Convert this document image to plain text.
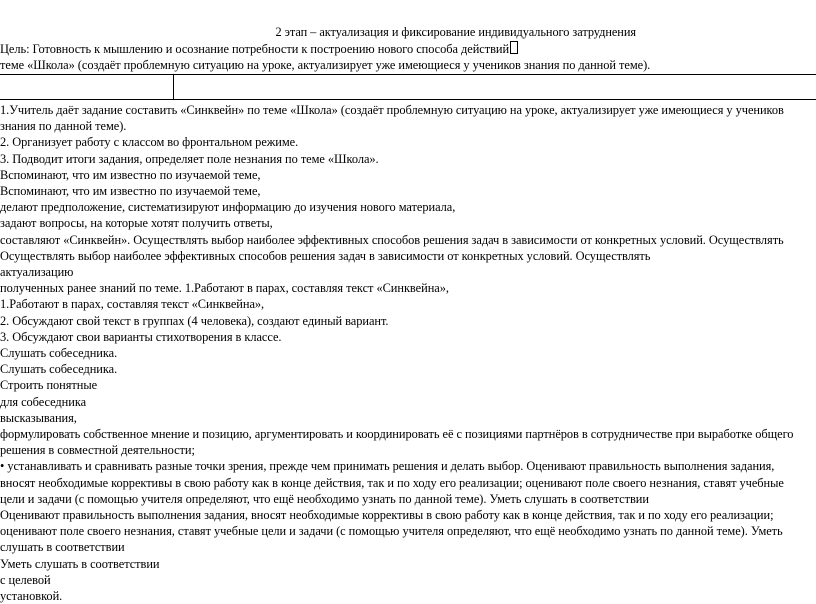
2 этап – актуализация и фиксирование индивидуального затруднения
Цель: Готовность к мышлению и осознание потребности к построению нового способа действий
теме «Школа» (создаёт проблемную ситуацию на уроке, актуализирует уже имеющиеся у учеников знания по данной теме).
1.Учитель даёт задание составить «Синквейн» по теме «Школа» (создаёт проблемную ситуацию на уроке, актуализирует уже имеющиеся у учеников
знания по данной теме).
2. Организует работу с классом во фронтальном режиме.
3. Подводит итоги задания, определяет поле незнания по теме «Школа».
Вспоминают, что им известно по изучаемой теме,
Вспоминают, что им известно по изучаемой теме,
делают предположение, систематизируют информацию до изучения нового материала,
задают вопросы, на которые хотят получить ответы,
составляют «Синквейн». Осуществлять выбор наиболее эффективных способов решения задач в зависимости от конкретных условий. Осуществлять
Осуществлять выбор наиболее эффективных способов решения задач в зависимости от конкретных условий. Осуществлять
актуализацию
полученных ранее знаний по теме. 1.Работают в парах, составляя текст «Синквейна»,
1.Работают в парах, составляя текст «Синквейна»,
2. Обсуждают свой текст в группах (4 человека), создают единый вариант.
3. Обсуждают свои варианты стихотворения в классе.
Слушать собеседника.
Слушать собеседника.
Строить понятные
для собеседника
высказывания,
формулировать собственное мнение и позицию, аргументировать и координировать её с позициями партнёров в сотрудничестве при выработке общего
решения в совместной деятельности;
• устанавливать и сравнивать разные точки зрения, прежде чем принимать решения и делать выбор. Оценивают правильность выполнения задания,
вносят необходимые коррективы в свою работу как в конце действия, так и по ходу его реализации; оценивают поле своего незнания, ставят учебные
цели и задачи (с помощью учителя определяют, что ещё необходимо узнать по данной теме). Уметь слушать в соответствии
Оценивают правильность выполнения задания, вносят необходимые коррективы в свою работу как в конце действия, так и по ходу его реализации;
оценивают поле своего незнания, ставят учебные цели и задачи (с помощью учителя определяют, что ещё необходимо узнать по данной теме). Уметь
слушать в соответствии
Уметь слушать в соответствии
с целевой
установкой.
